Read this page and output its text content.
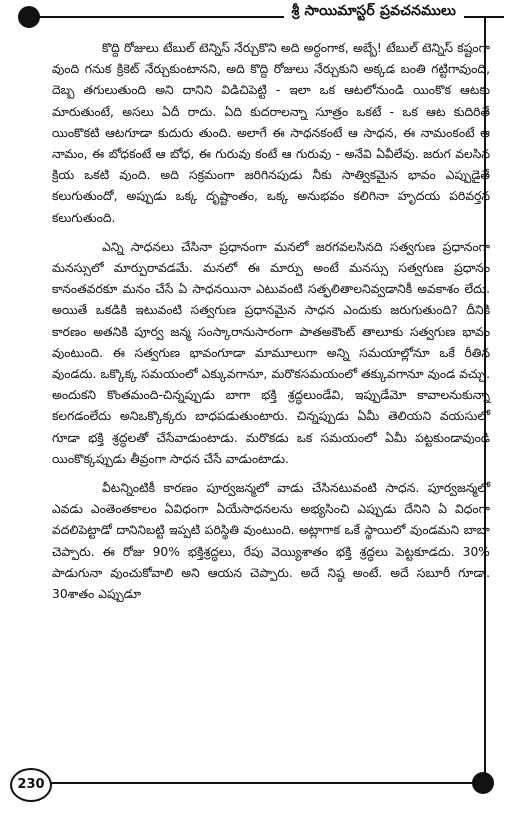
శ్రీ సాయిమాస్టర్ ప్రవచనములు

కొద్ది రోజులు టేబుల్ టెన్నిస్ నేర్చుకొని అది అర్ధంగాక, అబ్బే! టేబుల్ టెన్నిస్ కష్టంగా వుంది గనుక క్రికెట్ నేర్చుకుంటానని, అది కొద్ది రోజులు నేర్చుకుని అక్కడ బంతి గట్టిగావుంది, దెబ్బ తగులుతుంది అని దానిని విడిచిపెట్టి - ఇలా ఒక ఆటలోనుండి యింకొక ఆటకు మారుతుంటే, అసలు ఏదీ రాదు. ఏది కుదరాలన్నా సూత్రం ఒకటే - ఒక ఆట కుదిరితే యింకొకటి ఆటగూడా కుదురు తుంది. అలాగే ఈ సాధనకంటే ఆ సాధన, ఈ నామంకంటే ఆ నామం, ఈ బోధకంటే ఆ బోధ, ఈ గురువు కంటే ఆ గురువు - అనేవి ఏవీలేవు. జరుగ వలసిన క్రియ ఒకటి వుంది. అది సక్రమంగా జరిగినపుడు నీకు సాత్వికమైన భావం ఎప్పుడైతే కలుగుతుందో, అప్పుడు ఒక్క దృష్టాంతం, ఒక్క అనుభవం కలిగినా హృదయ పరివర్తన కలుగుతుంది.

ఎన్ని సాధనలు చేసినా ప్రధానంగా మనలో జరగవలసినది సత్వగుణ ప్రధానంగా మనస్సులో మార్పురావడమే. మనలో ఈ మార్పు అంటే మనస్సు సత్వగుణ ప్రధానం కానంతవరకూ మనం చేసే ఏ సాధనయినా ఎటువంటి సత్ఫలితాలనివ్వడానికీ అవకాశం లేదు. అయితే ఒకడికి ఇటువంటి సత్వగుణ ప్రధానమైన సాధన ఎందుకు జరుగుతుంది? దీనికి కారణం అతనికి పూర్వ జన్మ సంస్కారానుసారంగా పాతఅకౌంట్ తాలూకు సత్వగుణ భావం వుంటుంది. ఈ సత్వగుణ భావంగూడా మామూలుగా అన్ని సమయాల్లోనూ ఒకే రీతిన వుండదు. ఒక్కొక్క సమయంలో ఎక్కువగానూ, మరొకసమయంలో తక్కువగానూ వుండ వచ్చు. అందుకని కొంతమంది-చిన్నప్పుడు బాగా భక్తి శ్రద్ధలుండేవి, ఇప్పుడేమో కావాలనుకున్నా కలగడంలేదు అనిఒక్కొక్కరు బాధపడుతుంటారు. చిన్నప్పుడు ఏమీ తెలియని వయసులో గూడా భక్తి శ్రద్ధలతో చేసేవాడుంటాడు. మరొకడు ఒక సమయంలో ఏమీ పట్టకుండావుండి యింకొక్కప్పుడు తీవ్రంగా సాధన చేసే వాడుంటాడు.

వీటన్నింటికీ కారణం పూర్వజన్మలో వాడు చేసినటువంటి సాధన. పూర్వజన్మలో ఎవడు ఎంతెంతకాలం ఏవిధంగా ఏయేసాధనలను అభ్యసించి ఎప్పుడు దేనిని ఏ విధంగా వదలిపెట్టాడో దానినిబట్టి ఇప్పటి పరిస్థితి వుంటుంది. అట్లాగాక ఒకే స్థాయిలో వుండమని బాబా చెప్పారు. ఈ రోజు 90% భక్తిశ్రద్ధలు, రేపు వెయ్యిశాతం భక్తి శ్రద్ధలు పెట్టకూడదు. 30% పాడుగునా వుంచుకోవాలి అని ఆయన చెప్పారు. అదే నిష్ఠ అంటే. అదే సబూరీ గూడా. 30శాతం ఎప్పుడూ

230
